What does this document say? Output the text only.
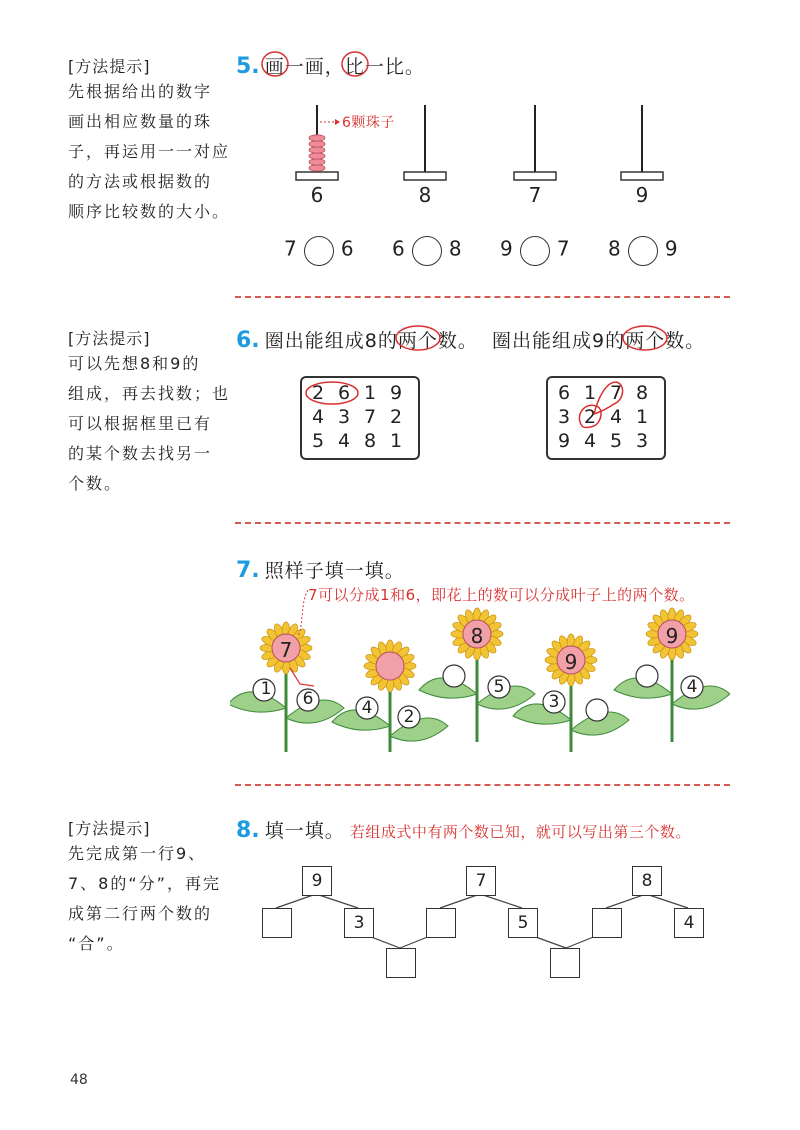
[方法提示]
先根据给出的数字
画出相应数量的珠
子，再运用一一对应
的方法或根据数的
顺序比较数的大小。
[方法提示]
可以先想8和9的
组成，再去找数；也
可以根据框里已有
的某个数去找另一
个数。
[方法提示]
先完成第一行9、
7、8的“分”，再完
成第二行两个数的
“合”。
5. 画
一画，比
一比。
6颗珠子
6	8	7	9
7 6 6 8 9 7 8 9
6. 圈出能组成8的两个
数。 圈出能组成9的两个
数。
2 6 1 9
4 3 7 2
5 4 8 1
6 1 7 8
3 2 4 1
9 4 5 3
7. 照样子填一填。
7可以分成1和6，即花上的数可以分成叶子上的两个数。
7
1	6	4	2
8
5
9
3
9
4
8. 填一填。 若组成式中有两个数已知，就可以写出第三个数。
9	7	8
3	5	4
48
